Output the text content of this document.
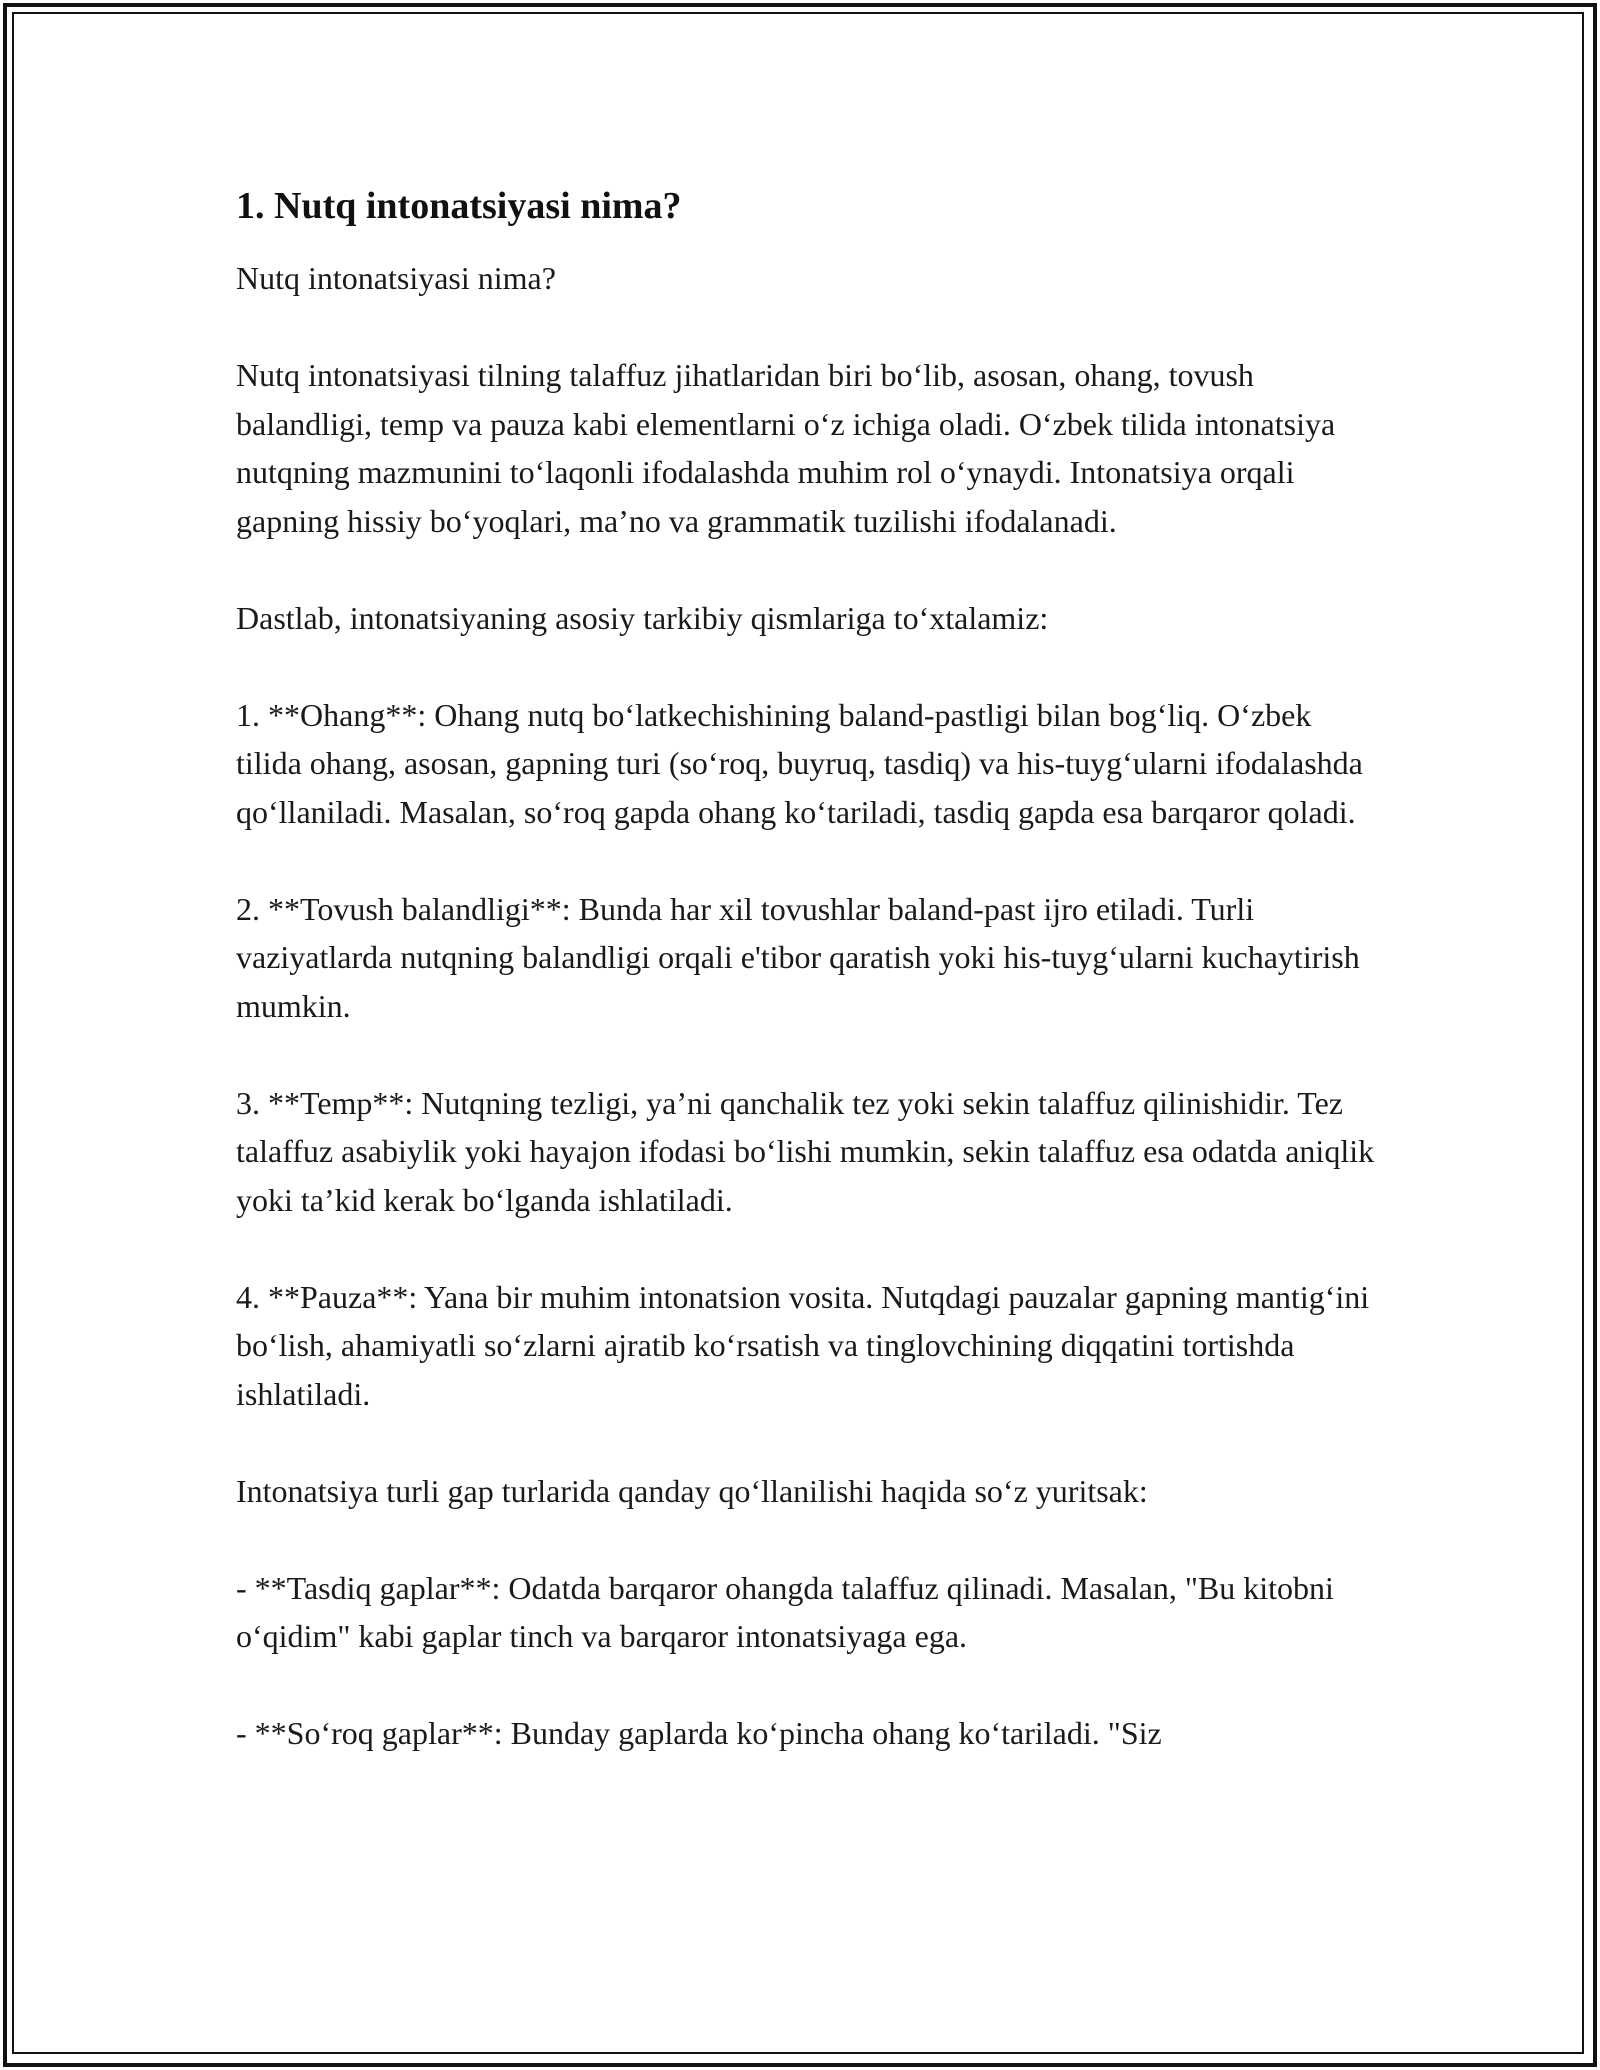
1. Nutq intonatsiyasi nima?

Nutq intonatsiyasi nima?

Nutq intonatsiyasi tilning talaffuz jihatlaridan biri bo‘lib, asosan, ohang, tovush balandligi, temp va pauza kabi elementlarni o‘z ichiga oladi. O‘zbek tilida intonatsiya nutqning mazmunini to‘laqonli ifodalashda muhim rol o‘ynaydi. Intonatsiya orqali gapning hissiy bo‘yoqlari, ma’no va grammatik tuzilishi ifodalanadi.

Dastlab, intonatsiyaning asosiy tarkibiy qismlariga to‘xtalamiz:

1. **Ohang**: Ohang nutq bo‘latkechishining baland-pastligi bilan bog‘liq. O‘zbek tilida ohang, asosan, gapning turi (so‘roq, buyruq, tasdiq) va his-tuyg‘ularni ifodalashda qo‘llaniladi. Masalan, so‘roq gapda ohang ko‘tariladi, tasdiq gapda esa barqaror qoladi.

2. **Tovush balandligi**: Bunda har xil tovushlar baland-past ijro etiladi. Turli vaziyatlarda nutqning balandligi orqali e'tibor qaratish yoki his-tuyg‘ularni kuchaytirish mumkin.

3. **Temp**: Nutqning tezligi, ya’ni qanchalik tez yoki sekin talaffuz qilinishidir. Tez talaffuz asabiylik yoki hayajon ifodasi bo‘lishi mumkin, sekin talaffuz esa odatda aniqlik yoki ta’kid kerak bo‘lganda ishlatiladi.

4. **Pauza**: Yana bir muhim intonatsion vosita. Nutqdagi pauzalar gapning mantig‘ini bo‘lish, ahamiyatli so‘zlarni ajratib ko‘rsatish va tinglovchining diqqatini tortishda ishlatiladi.

Intonatsiya turli gap turlarida qanday qo‘llanilishi haqida so‘z yuritsak:

- **Tasdiq gaplar**: Odatda barqaror ohangda talaffuz qilinadi. Masalan, "Bu kitobni o‘qidim" kabi gaplar tinch va barqaror intonatsiyaga ega.

- **So‘roq gaplar**: Bunday gaplarda ko‘pincha ohang ko‘tariladi. "Siz
